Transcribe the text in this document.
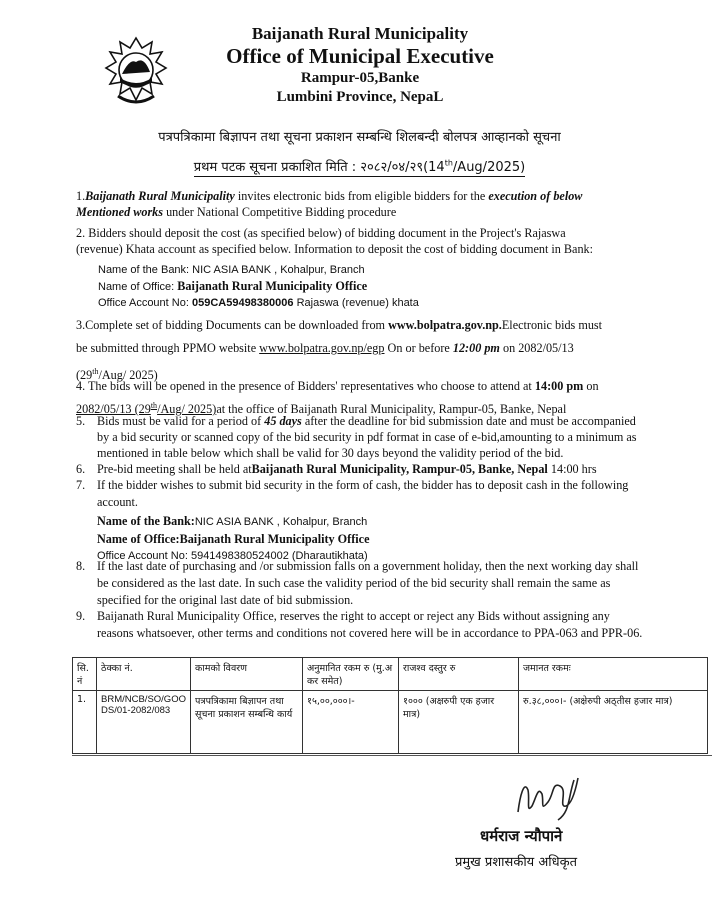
Baijanath Rural Municipality
Office of Municipal Executive
Rampur-05,Banke
Lumbini Province, NepaL
पत्रपत्रिकामा बिज्ञापन तथा सूचना प्रकाशन सम्बन्धि शिलबन्दी बोलपत्र आव्हानको सूचना
प्रथम पटक सूचना प्रकाशित मिति : २०८२/०४/२९(14th/Aug/2025)
1.Baijanath Rural Municipality invites electronic bids from eligible bidders for the execution of below
Mentioned works under National Competitive Bidding procedure
2. Bidders should deposit the cost (as specified below) of bidding document in the Project's Rajaswa
(revenue) Khata account as specified below. Information to deposit the cost of bidding document in Bank:
Name of the Bank: NIC ASIA BANK , Kohalpur, Branch
Name of Office: Baijanath Rural Municipality Office
Office Account No: 059CA59498380006 Rajaswa (revenue) khata
3.Complete set of bidding Documents can be downloaded from www.bolpatra.gov.np.Electronic bids must
be submitted through PPMO website www.bolpatra.gov.np/egp On or before 12:00 pm on 2082/05/13
(29th/Aug/ 2025)
4. The bids will be opened in the presence of Bidders' representatives who choose to attend at 14:00 pm on
2082/05/13 (29th/Aug/ 2025)at the office of Baijanath Rural Municipality, Rampur-05, Banke, Nepal
5. Bids must be valid for a period of 45 days after the deadline for bid submission date and must be accompanied
by a bid security or scanned copy of the bid security in pdf format in case of e-bid,amounting to a minimum as
mentioned in table below which shall be valid for 30 days beyond the validity period of the bid.
6. Pre-bid meeting shall be held atBaijanath Rural Municipality, Rampur-05, Banke, Nepal 14:00 hrs
7. If the bidder wishes to submit bid security in the form of cash, the bidder has to deposit cash in the following
account.
Name of the Bank:NIC ASIA BANK , Kohalpur, Branch
Name of Office:Baijanath Rural Municipality Office
Office Account No: 5941498380524002 (Dharautikhata)
8. If the last date of purchasing and /or submission falls on a government holiday, then the next working day shall
be considered as the last date. In such case the validity period of the bid security shall remain the same as
specified for the original last date of bid submission.
9. Baijanath Rural Municipality Office, reserves the right to accept or reject any Bids without assigning any
reasons whatsoever, other terms and conditions not covered here will be in accordance to PPA-063 and PPR-06.
सि. नं	ठेक्का नं.	कामको विवरण	अनुमानित रकम रु (मु.अ कर समेत)	राजश्व दस्तुर रु	जमानत रकमः
1.	BRM/NCB/SO/GOODS/01-2082/083	पत्रपत्रिकामा बिज्ञापन तथा सूचना प्रकाशन सम्बन्धि कार्य	१५,००,०००।-	१००० (अक्षरुपी एक हजार मात्र)	रु.३८,०००।- (अक्षेरुपी अठ्तीस हजार मात्र)
धर्मराज न्यौपाने
प्रमुख प्रशासकीय अधिकृत
